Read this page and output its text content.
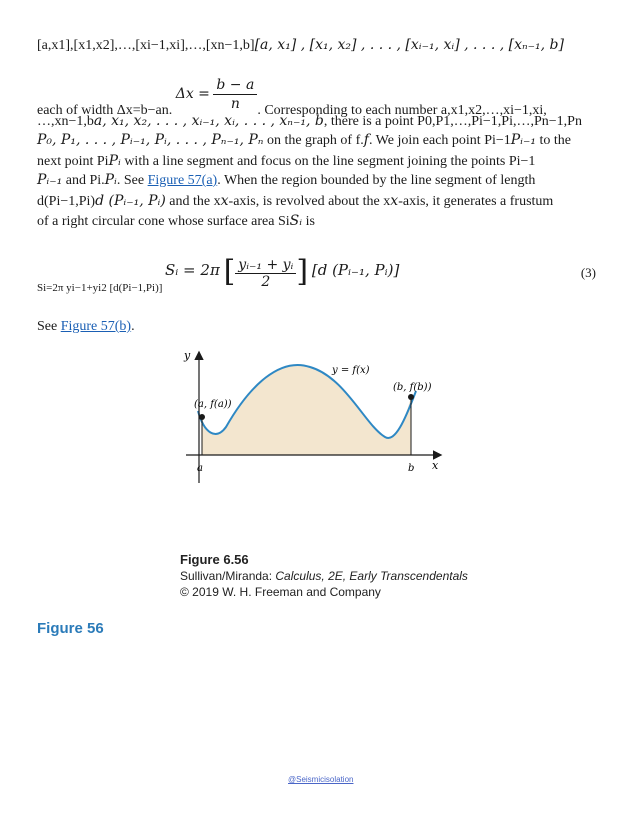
[a,x1],[x1,x2],…,[xi−1,xi],…,[xn−1,b][a, x₁] , [x₁, x₂] , . . . , [xᵢ₋₁, xᵢ] , . . . , [xₙ₋₁, b]
each of width Δx=b−an. $\Delta x = \frac{b - a}{n}$ . Corresponding to each number a,x1,x2,…,xi−1,xi,
…,xn−1,ba, x₁, x₂, . . . , xᵢ₋₁, xᵢ, . . . , xₙ₋₁, b, there is a point P0,P1,…,Pi−1,Pi,…,Pn−1,Pn
P₀, P₁, . . . , Pᵢ₋₁, Pᵢ, . . . , Pₙ₋₁, Pₙ on the graph of f.f. We join each point Pi−1Pᵢ₋₁ to the
next point PiPᵢ with a line segment and focus on the line segment joining the points Pi−1
Pᵢ₋₁ and Pi.Pᵢ. See Figure 57(a). When the region bounded by the line segment of length
d(Pi−1,Pi)d (Pᵢ₋₁, Pᵢ) and the xx-axis, is revolved about the xx-axis, it generates a frustum
of a right circular cone whose surface area SiSᵢ is
Sᵢ = 2π [ $\frac{\text{yᵢ₋₁ + yᵢ}}{2}$ ] [d (Pᵢ₋₁, Pᵢ)]	(3)
Si=2π yi−1+yi2 [d(Pi−1,Pi)]
See Figure 57(b).
y
x
y = f(x)
(a, f(a))
(b, f(b))
a	b
Figure 6.56
Sullivan/Miranda: Calculus, 2E, Early Transcendentals
© 2019 W. H. Freeman and Company
Figure 56
@Seismicisolation
